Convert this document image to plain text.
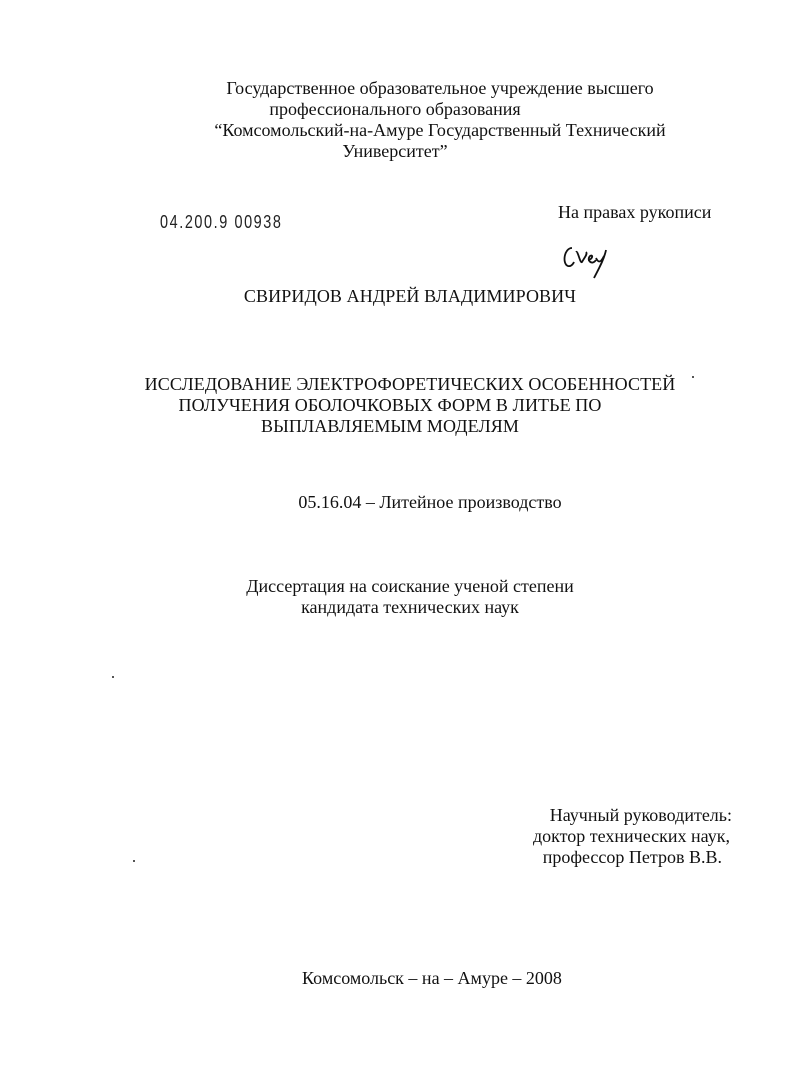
Государственное образовательное учреждение высшего
профессионального образования
“Комсомольский-на-Амуре Государственный Технический
Университет”
04.200.9 00938	На правах рукописи
СВИРИДОВ АНДРЕЙ ВЛАДИМИРОВИЧ
ИССЛЕДОВАНИЕ ЭЛЕКТРОФОРЕТИЧЕСКИХ ОСОБЕННОСТЕЙ
ПОЛУЧЕНИЯ ОБОЛОЧКОВЫХ ФОРМ В ЛИТЬЕ ПО
ВЫПЛАВЛЯЕМЫМ МОДЕЛЯМ
05.16.04 – Литейное производство
Диссертация на соискание ученой степени
кандидата технических наук
Научный руководитель:
доктор технических наук,
профессор Петров В.В.
Комсомольск – на – Амуре – 2008
